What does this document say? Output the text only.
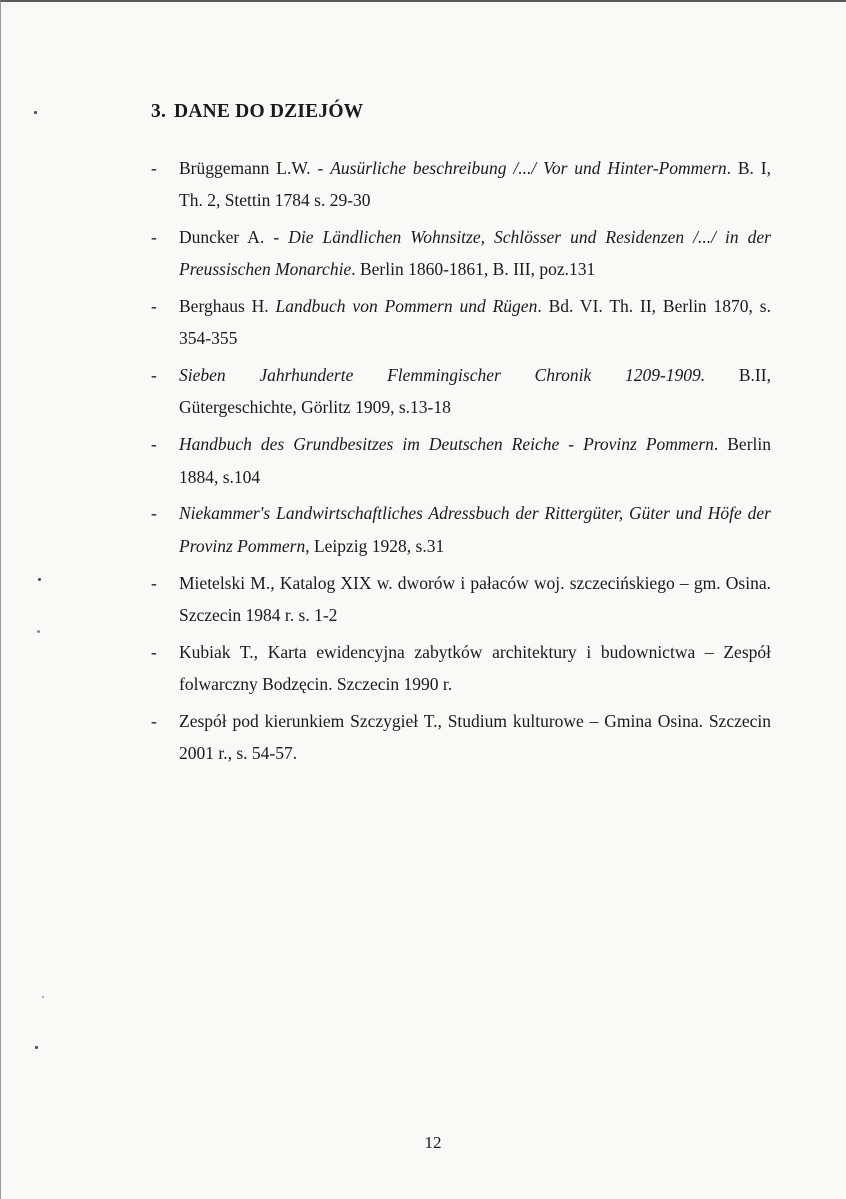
3. DANE DO DZIEJÓW
- Brüggemann L.W. - Ausürliche beschreibung /.../ Vor und Hinter-Pommern. B. I, Th. 2, Stettin 1784 s. 29-30
- Duncker A. - Die Ländlichen Wohnsitze, Schlösser und Residenzen /.../ in der Preussischen Monarchie. Berlin 1860-1861, B. III, poz.131
- Berghaus H. Landbuch von Pommern und Rügen. Bd. VI. Th. II, Berlin 1870, s. 354-355
- Sieben Jahrhunderte Flemmingischer Chronik 1209-1909. B.II,
Gütergeschichte, Görlitz 1909, s.13-18
- Handbuch des Grundbesitzes im Deutschen Reiche - Provinz Pommern. Berlin 1884, s.104
- Niekammer's Landwirtschaftliches Adressbuch der Rittergüter, Güter und Höfe der Provinz Pommern, Leipzig 1928, s.31
- Mietelski M., Katalog XIX w. dworów i pałaców woj. szczecińskiego – gm. Osina. Szczecin 1984 r. s. 1-2
- Kubiak T., Karta ewidencyjna zabytków architektury i budownictwa – Zespół folwarczny Bodzęcin. Szczecin 1990 r.
- Zespół pod kierunkiem Szczygieł T., Studium kulturowe – Gmina Osina. Szczecin 2001 r., s. 54-57.
12
